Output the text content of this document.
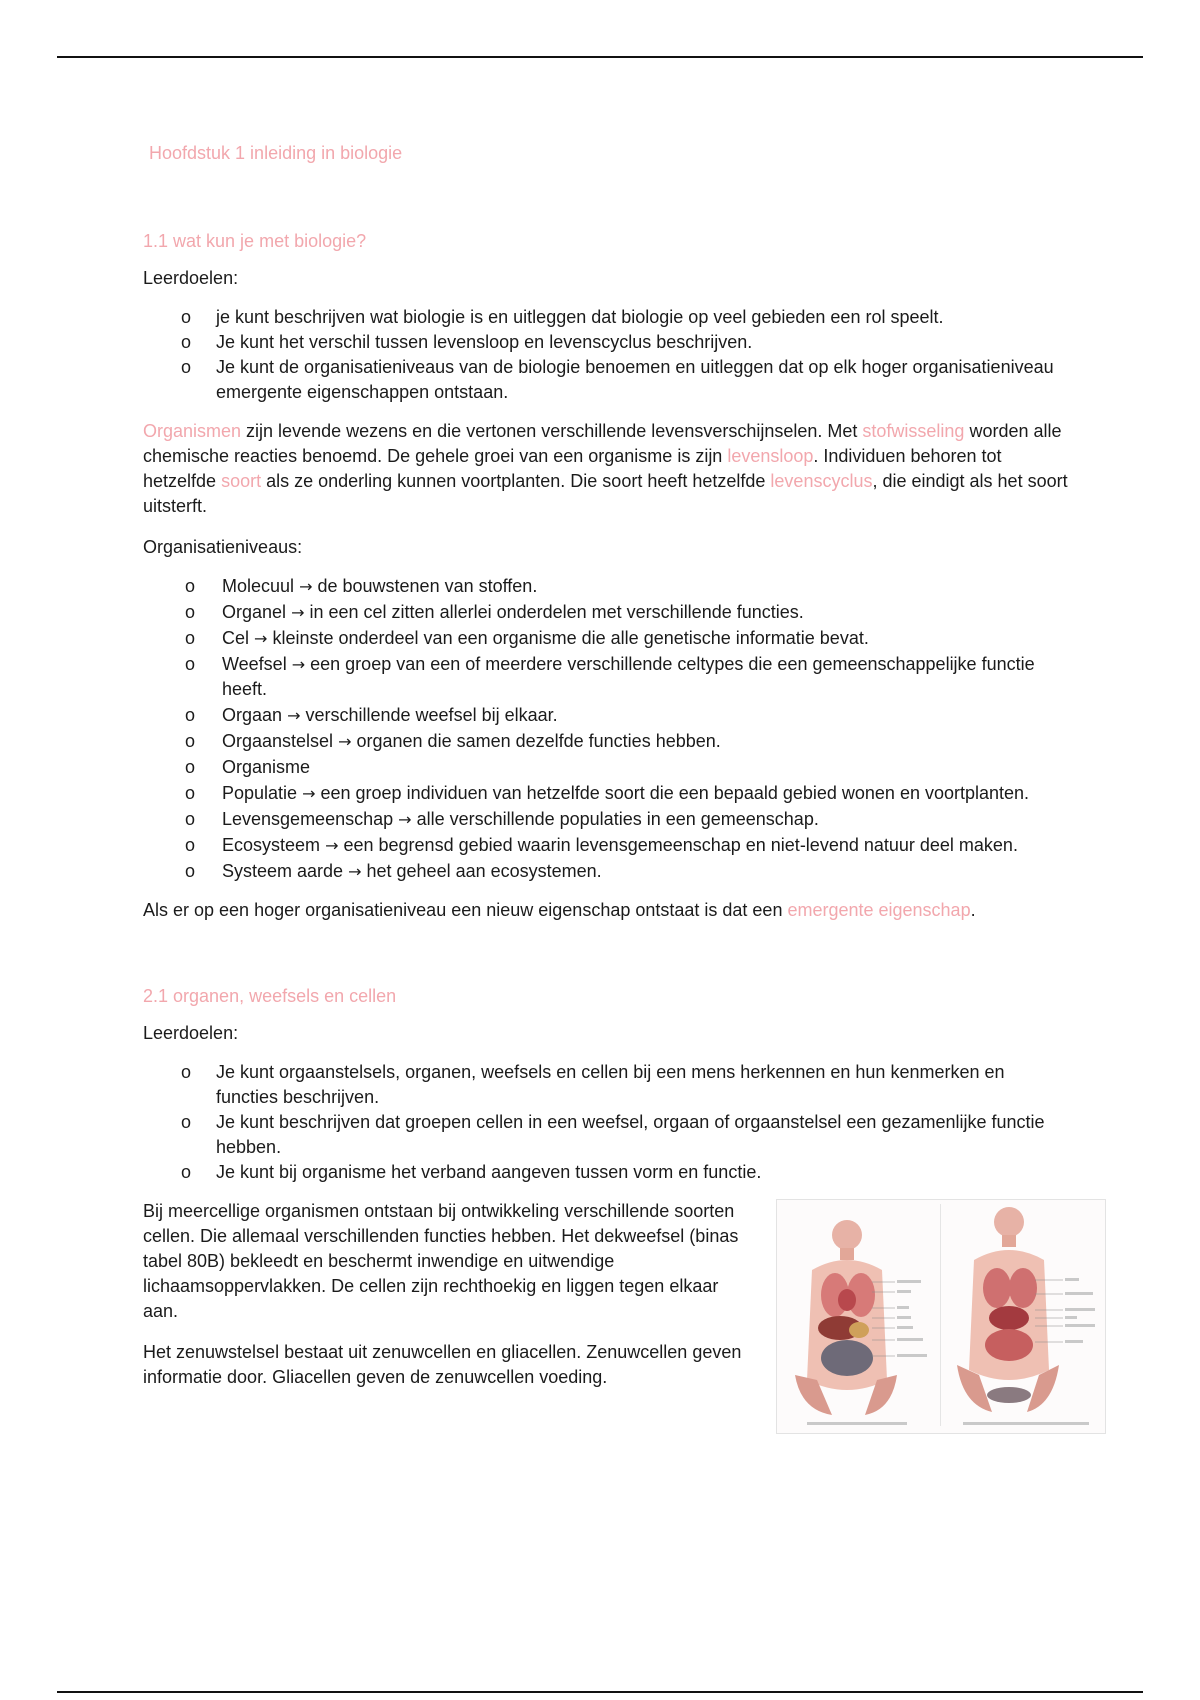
Hoofdstuk 1 inleiding in biologie
1.1 wat kun je met biologie?

Leerdoelen:

o je kunt beschrijven wat biologie is en uitleggen dat biologie op veel gebieden een rol speelt.
o Je kunt het verschil tussen levensloop en levenscyclus beschrijven.
o Je kunt de organisatieniveaus van de biologie benoemen en uitleggen dat op elk hoger organisatieniveau emergente eigenschappen ontstaan.

Organismen zijn levende wezens en die vertonen verschillende levensverschijnselen. Met stofwisseling worden alle chemische reacties benoemd. De gehele groei van een organisme is zijn levensloop. Individuen behoren tot hetzelfde soort als ze onderling kunnen voortplanten. Die soort heeft hetzelfde levenscyclus, die eindigt als het soort uitsterft.

Organisatieniveaus:

o Molecuul → de bouwstenen van stoffen.
o Organel → in een cel zitten allerlei onderdelen met verschillende functies.
o Cel → kleinste onderdeel van een organisme die alle genetische informatie bevat.
o Weefsel → een groep van een of meerdere verschillende celtypes die een gemeenschappelijke functie heeft.
o Orgaan → verschillende weefsel bij elkaar.
o Orgaanstelsel → organen die samen dezelfde functies hebben.
o Organisme
o Populatie → een groep individuen van hetzelfde soort die een bepaald gebied wonen en voortplanten.
o Levensgemeenschap → alle verschillende populaties in een gemeenschap.
o Ecosysteem → een begrensd gebied waarin levensgemeenschap en niet-levend natuur deel maken.
o Systeem aarde → het geheel aan ecosystemen.

Als er op een hoger organisatieniveau een nieuw eigenschap ontstaat is dat een emergente eigenschap.

2.1 organen, weefsels en cellen

Leerdoelen:

o Je kunt orgaanstelsels, organen, weefsels en cellen bij een mens herkennen en hun kenmerken en functies beschrijven.
o Je kunt beschrijven dat groepen cellen in een weefsel, orgaan of orgaanstelsel een gezamenlijke functie hebben.
o Je kunt bij organisme het verband aangeven tussen vorm en functie.

Bij meercellige organismen ontstaan bij ontwikkeling verschillende soorten cellen. Die allemaal verschillenden functies hebben. Het dekweefsel (binas tabel 80B) bekleedt en beschermt inwendige en uitwendige lichaamsoppervlakken. De cellen zijn rechthoekig en liggen tegen elkaar aan.

Het zenuwstelsel bestaat uit zenuwcellen en gliacellen. Zenuwcellen geven informatie door. Gliacellen geven de zenuwcellen voeding.
